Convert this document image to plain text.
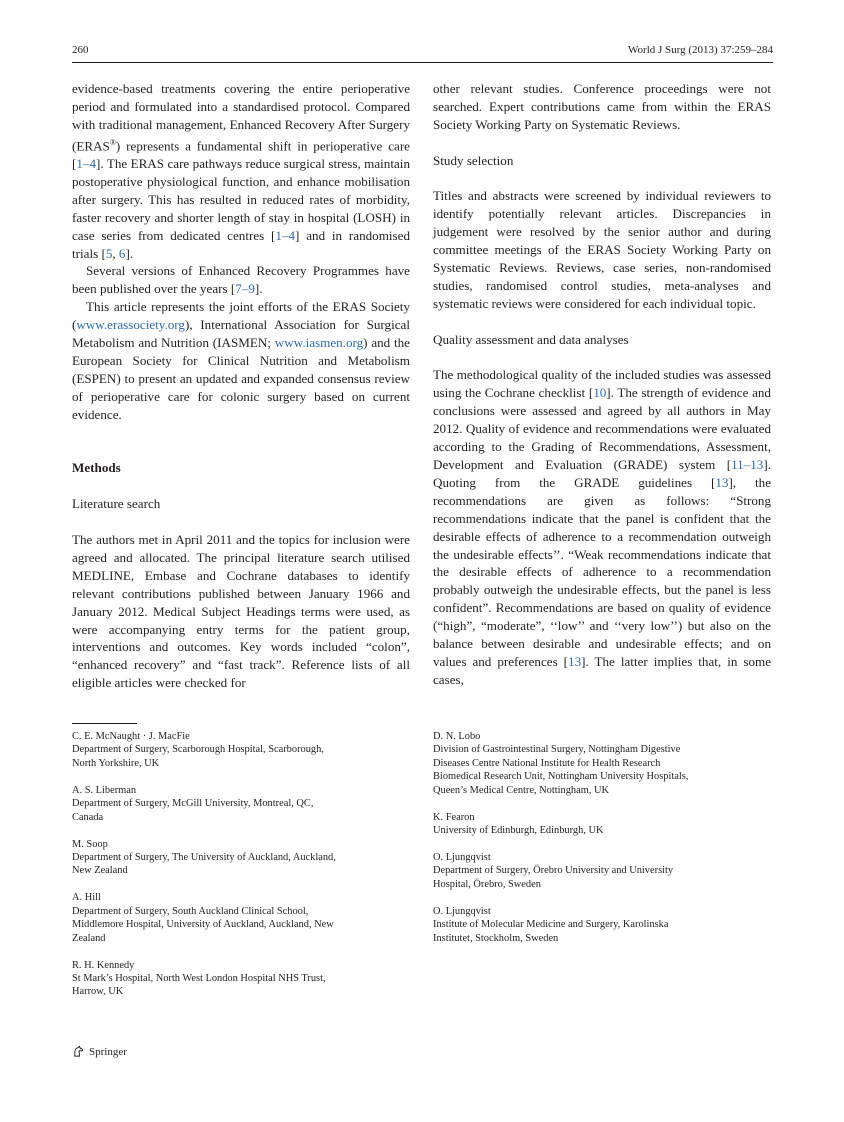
260	World J Surg (2013) 37:259–284

evidence-based treatments covering the entire perioperative period and formulated into a standardised protocol. Compared with traditional management, Enhanced Recovery After Surgery (ERAS®) represents a fundamental shift in perioperative care [1–4]. The ERAS care pathways reduce surgical stress, maintain postoperative physiological function, and enhance mobilisation after surgery. This has resulted in reduced rates of morbidity, faster recovery and shorter length of stay in hospital (LOSH) in case series from dedicated centres [1–4] and in randomised trials [5, 6].

Several versions of Enhanced Recovery Programmes have been published over the years [7–9].

This article represents the joint efforts of the ERAS Society (www.erassociety.org), International Association for Surgical Metabolism and Nutrition (IASMEN; www.iasmen.org) and the European Society for Clinical Nutrition and Metabolism (ESPEN) to present an updated and expanded consensus review of perioperative care for colonic surgery based on current evidence.

Methods

Literature search

The authors met in April 2011 and the topics for inclusion were agreed and allocated. The principal literature search utilised MEDLINE, Embase and Cochrane databases to identify relevant contributions published between January 1966 and January 2012. Medical Subject Headings terms were used, as were accompanying entry terms for the patient group, interventions and outcomes. Key words included “colon”, “enhanced recovery” and “fast track”. Reference lists of all eligible articles were checked for

other relevant studies. Conference proceedings were not searched. Expert contributions came from within the ERAS Society Working Party on Systematic Reviews.

Study selection

Titles and abstracts were screened by individual reviewers to identify potentially relevant articles. Discrepancies in judgement were resolved by the senior author and during committee meetings of the ERAS Society Working Party on Systematic Reviews. Reviews, case series, non-randomised studies, randomised control studies, meta-analyses and systematic reviews were considered for each individual topic.

Quality assessment and data analyses

The methodological quality of the included studies was assessed using the Cochrane checklist [10]. The strength of evidence and conclusions were assessed and agreed by all authors in May 2012. Quality of evidence and recommendations were evaluated according to the Grading of Recommendations, Assessment, Development and Evaluation (GRADE) system [11–13]. Quoting from the GRADE guidelines [13], the recommendations are given as follows: “Strong recommendations indicate that the panel is confident that the desirable effects of adherence to a recommendation outweigh the undesirable effects’’. “Weak recommendations indicate that the desirable effects of adherence to a recommendation probably outweigh the undesirable effects, but the panel is less confident”. Recommendations are based on quality of evidence (“high”, “moderate”, ‘‘low’’ and ‘‘very low’’) but also on the balance between desirable and undesirable effects; and on values and preferences [13]. The latter implies that, in some cases,

C. E. McNaught · J. MacFie
Department of Surgery, Scarborough Hospital, Scarborough,
North Yorkshire, UK
A. S. Liberman
Department of Surgery, McGill University, Montreal, QC,
Canada
M. Soop
Department of Surgery, The University of Auckland, Auckland,
New Zealand
A. Hill
Department of Surgery, South Auckland Clinical School,
Middlemore Hospital, University of Auckland, Auckland, New
Zealand
R. H. Kennedy
St Mark’s Hospital, North West London Hospital NHS Trust,
Harrow, UK
D. N. Lobo
Division of Gastrointestinal Surgery, Nottingham Digestive
Diseases Centre National Institute for Health Research
Biomedical Research Unit, Nottingham University Hospitals,
Queen’s Medical Centre, Nottingham, UK
K. Fearon
University of Edinburgh, Edinburgh, UK
O. Ljungqvist
Department of Surgery, Örebro University and University
Hospital, Örebro, Sweden
O. Ljungqvist
Institute of Molecular Medicine and Surgery, Karolinska
Institutet, Stockholm, Sweden
Springer
